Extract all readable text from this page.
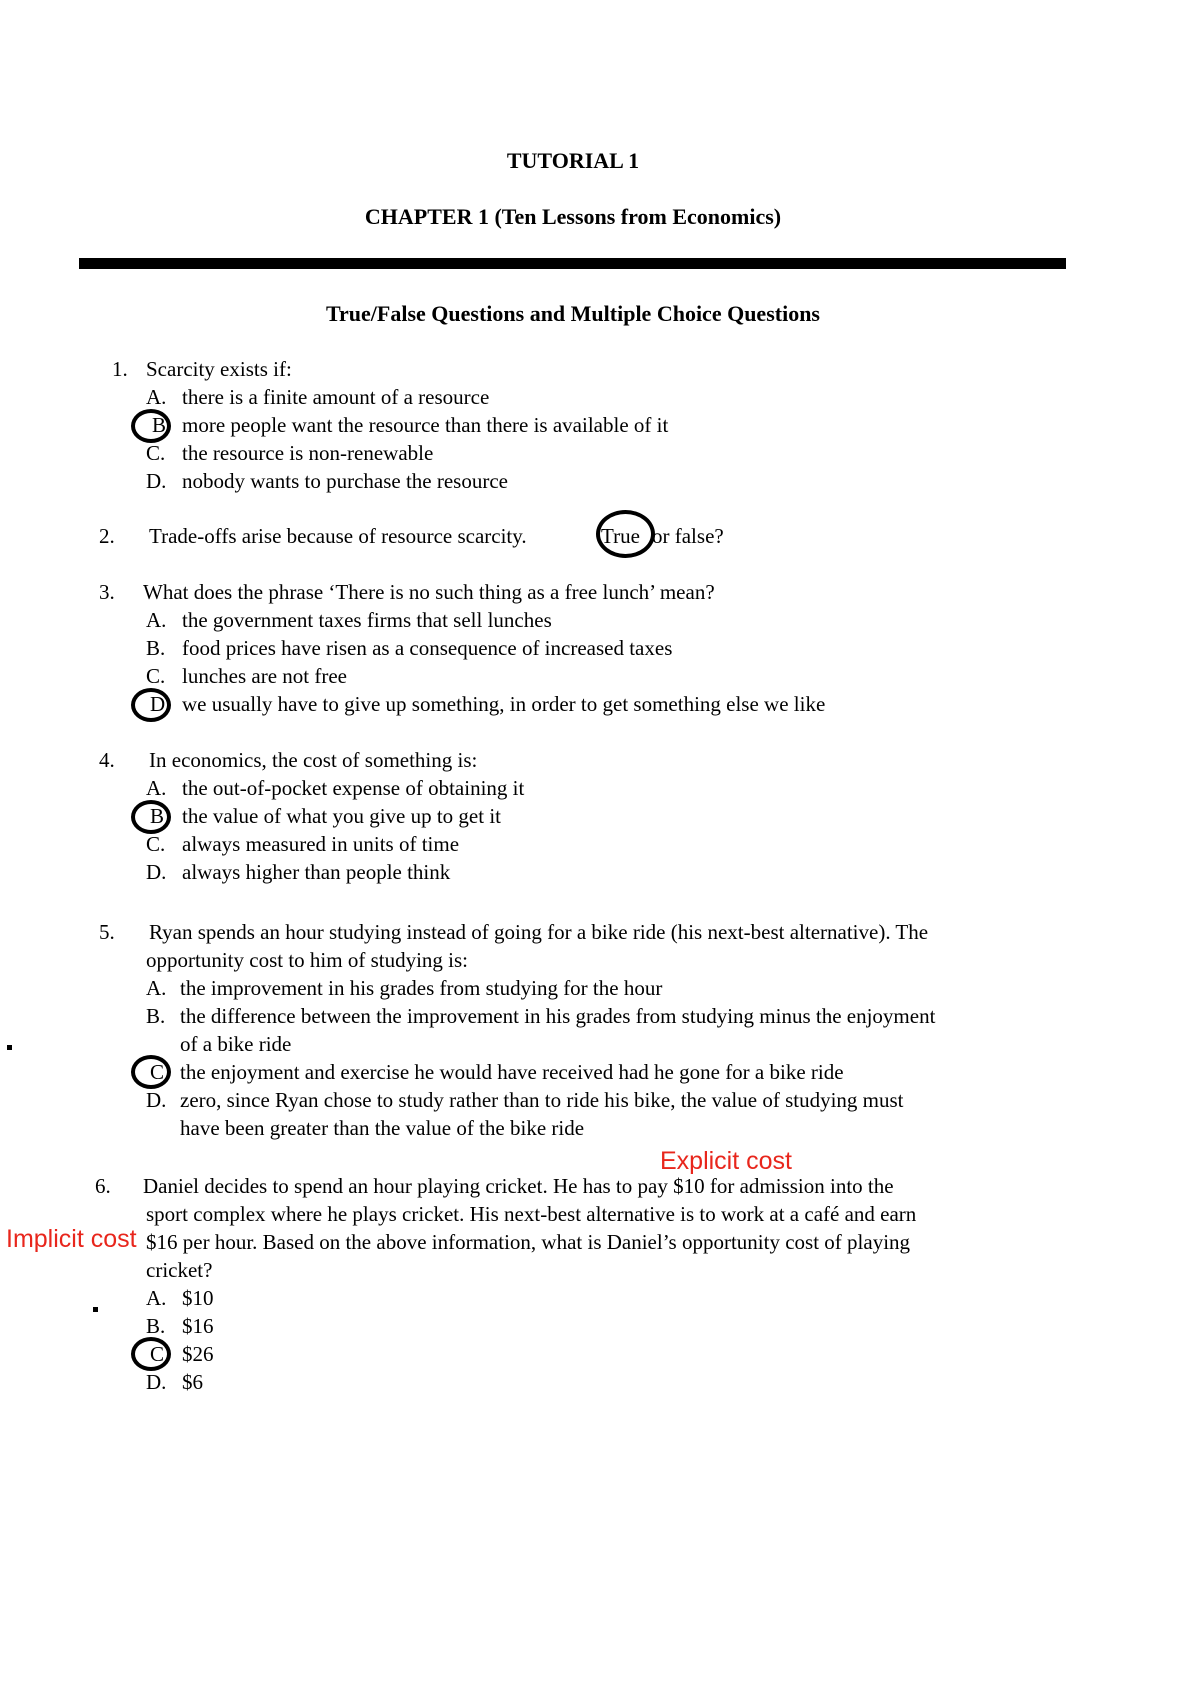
TUTORIAL 1
CHAPTER 1 (Ten Lessons from Economics)
True/False Questions and Multiple Choice Questions
1. Scarcity exists if:
A. there is a finite amount of a resource
B more people want the resource than there is available of it
C. the resource is non-renewable
D. nobody wants to purchase the resource
2. Trade-offs arise because of resource scarcity.	True or false?
3. What does the phrase ‘There is no such thing as a free lunch’ mean?
A. the government taxes firms that sell lunches
B. food prices have risen as a consequence of increased taxes
C. lunches are not free
D we usually have to give up something, in order to get something else we like
4. In economics, the cost of something is:
A. the out-of-pocket expense of obtaining it
B the value of what you give up to get it
C. always measured in units of time
D. always higher than people think
5. Ryan spends an hour studying instead of going for a bike ride (his next-best alternative). The
opportunity cost to him of studying is:
A. the improvement in his grades from studying for the hour
B. the difference between the improvement in his grades from studying minus the enjoyment
of a bike ride
C the enjoyment and exercise he would have received had he gone for a bike ride
D. zero, since Ryan chose to study rather than to ride his bike, the value of studying must
have been greater than the value of the bike ride
6. Daniel decides to spend an hour playing cricket. He has to pay $10 for admission into the
sport complex where he plays cricket. His next-best alternative is to work at a café and earn
$16 per hour. Based on the above information, what is Daniel’s opportunity cost of playing
cricket?
A. $10
B. $16
C $26
D. $6
Explicit cost
Implicit cost
